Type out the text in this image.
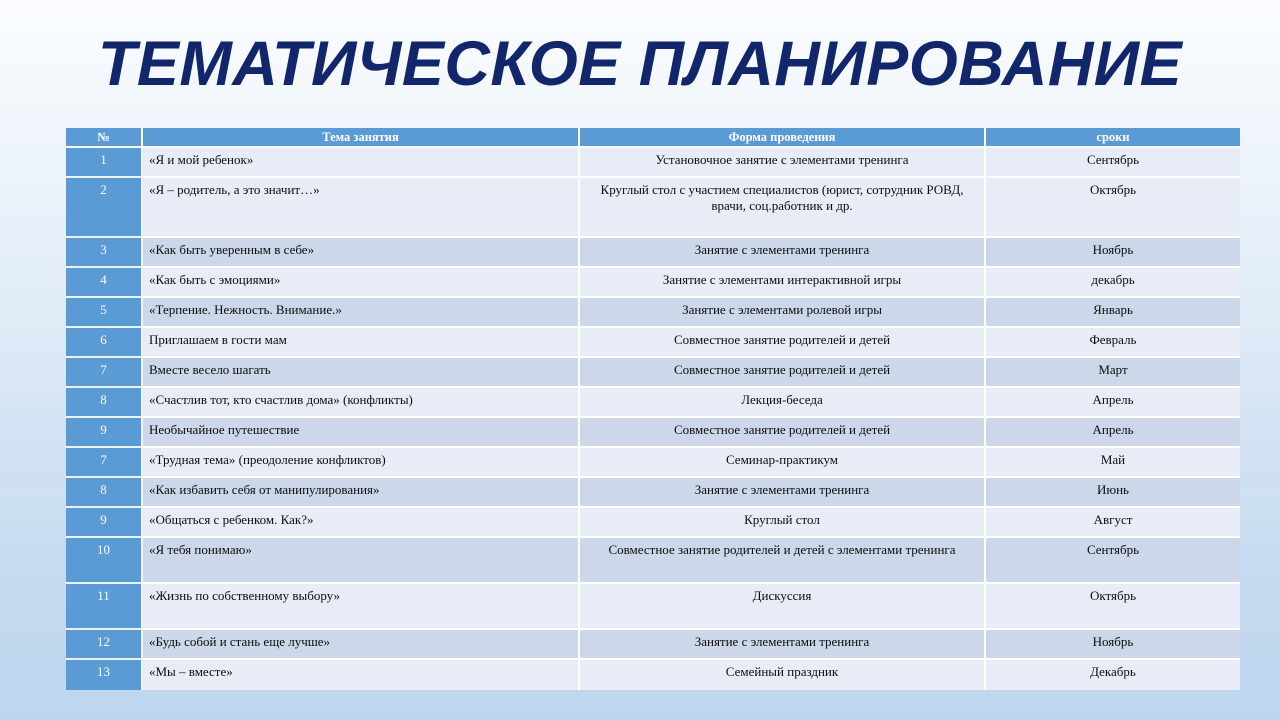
ТЕМАТИЧЕСКОЕ ПЛАНИРОВАНИЕ
№	Тема занятия	Форма проведения	сроки
1	«Я и мой ребенок»	Установочное занятие с элементами тренинга	Сентябрь
2	«Я – родитель, а это значит…»	Круглый стол с участием специалистов (юрист, сотрудник РОВД, врачи, соц.работник и др.	Октябрь
3	«Как быть уверенным в себе»	Занятие с элементами тренинга	Ноябрь
4	«Как быть с эмоциями»	Занятие с элементами интерактивной игры	декабрь
5	«Терпение. Нежность. Внимание.»	Занятие с элементами ролевой игры	Январь
6	Приглашаем в гости мам	Совместное занятие родителей и детей	Февраль
7	Вместе весело шагать	Совместное занятие родителей и детей	Март
8	«Счастлив тот, кто счастлив дома» (конфликты)	Лекция-беседа	Апрель
9	Необычайное путешествие	Совместное занятие родителей и детей	Апрель
7	«Трудная тема» (преодоление конфликтов)	Семинар-практикум	Май
8	«Как избавить себя от манипулирования»	Занятие с элементами тренинга	Июнь
9	«Общаться с ребенком. Как?»	Круглый стол	Август
10	«Я тебя понимаю»	Совместное занятие родителей и детей с элементами тренинга	Сентябрь
11	«Жизнь по собственному выбору»	Дискуссия	Октябрь
12	«Будь собой и стань еще лучше»	Занятие с элементами тренинга	Ноябрь
13	«Мы – вместе»	Семейный праздник	Декабрь
